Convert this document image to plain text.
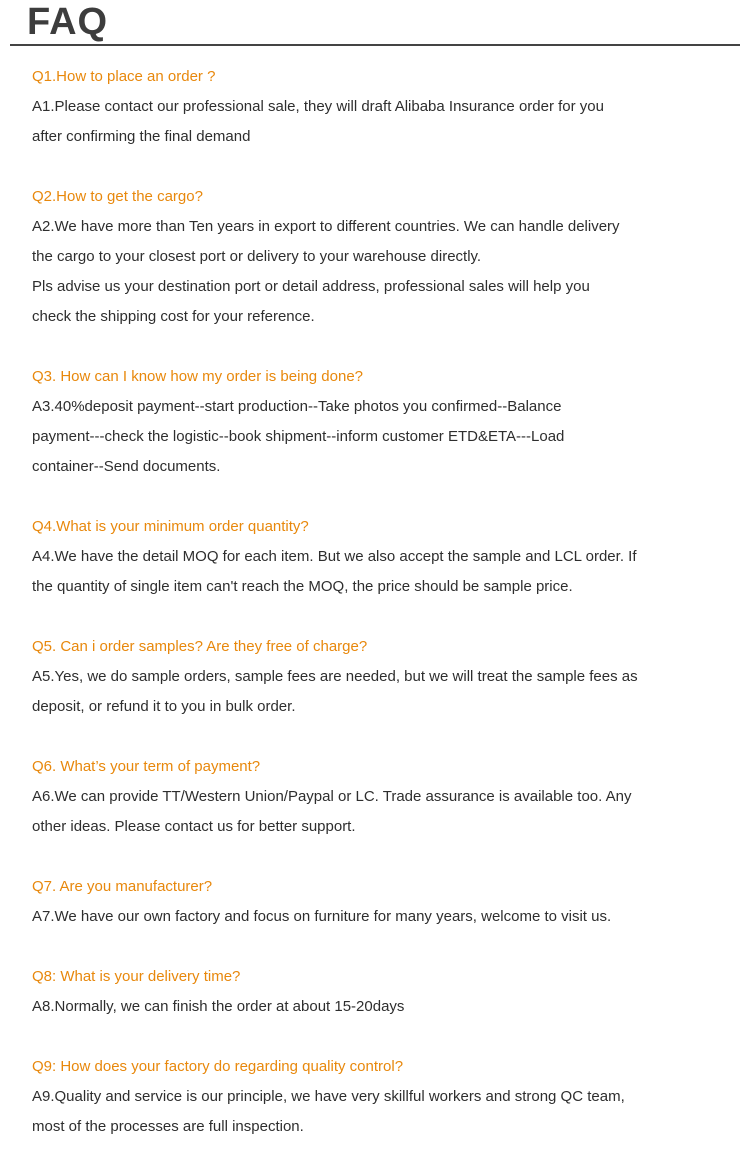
FAQ
Q1.How to place an order ?
A1.Please contact our professional sale, they will draft Alibaba Insurance order for you
after confirming the final demand
Q2.How to get the cargo?
A2.We have more than Ten years in export to different countries. We can handle delivery
the cargo to your closest port or delivery to your warehouse directly.
Pls advise us your destination port or detail address, professional sales will help you
check the shipping cost for your reference.
Q3. How can I know how my order is being done?
A3.40%deposit payment--start production--Take photos you confirmed--Balance
payment---check the logistic--book shipment--inform customer ETD&ETA---Load
container--Send documents.
Q4.What is your minimum order quantity?
A4.We have the detail MOQ for each item. But we also accept the sample and LCL order. If
the quantity of single item can't reach the MOQ, the price should be sample price.
Q5. Can i order samples? Are they free of charge?
A5.Yes, we do sample orders, sample fees are needed, but we will treat the sample fees as
deposit, or refund it to you in bulk order.
Q6. What’s your term of payment?
A6.We can provide TT/Western Union/Paypal or LC. Trade assurance is available too. Any
other ideas. Please contact us for better support.
Q7. Are you manufacturer?
A7.We have our own factory and focus on furniture for many years, welcome to visit us.
Q8: What is your delivery time?
A8.Normally, we can finish the order at about 15-20days
Q9: How does your factory do regarding quality control?
A9.Quality and service is our principle, we have very skillful workers and strong QC team,
most of the processes are full inspection.
